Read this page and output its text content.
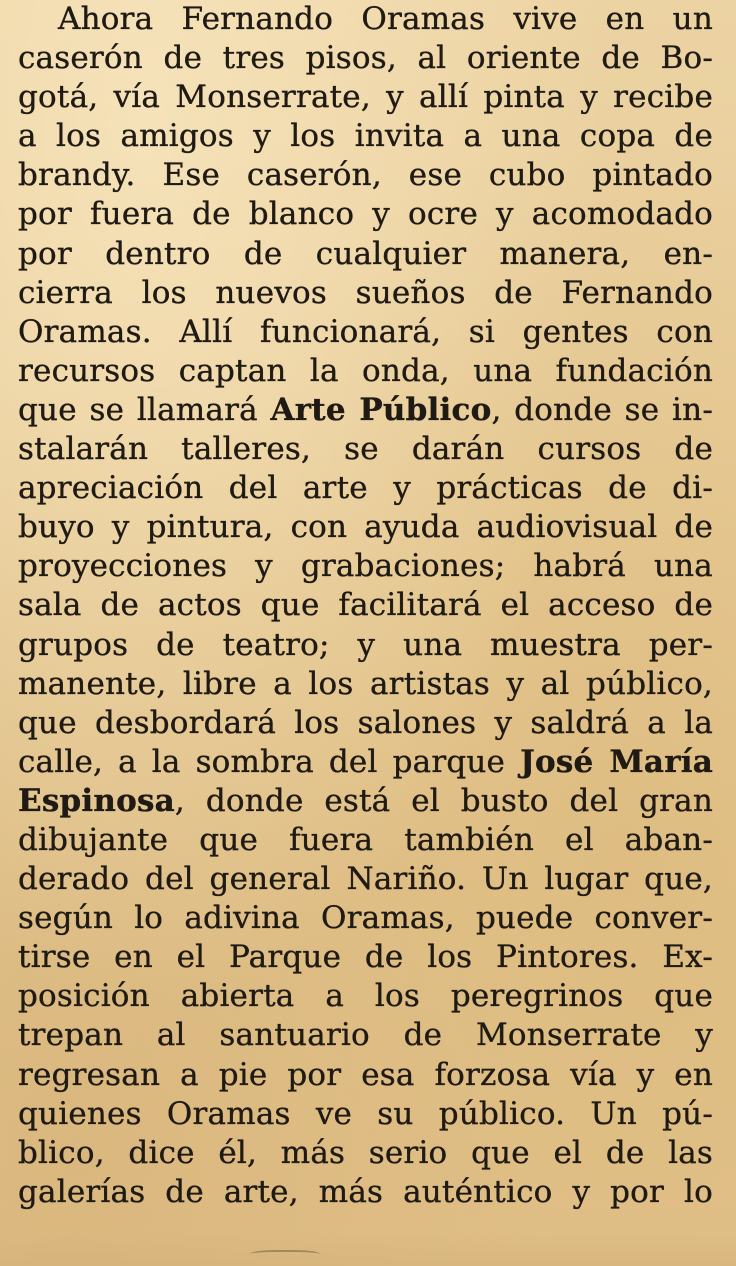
Ahora Fernando Oramas vive en un
caserón de tres pisos, al oriente de Bo-
gotá, vía Monserrate, y allí pinta y recibe
a los amigos y los invita a una copa de
brandy. Ese caserón, ese cubo pintado
por fuera de blanco y ocre y acomodado
por dentro de cualquier manera, en-
cierra los nuevos sueños de Fernando
Oramas. Allí funcionará, si gentes con
recursos captan la onda, una fundación
que se llamará Arte Público, donde se in-
stalarán talleres, se darán cursos de
apreciación del arte y prácticas de di-
buyo y pintura, con ayuda audiovisual de
proyecciones y grabaciones; habrá una
sala de actos que facilitará el acceso de
grupos de teatro; y una muestra per-
manente, libre a los artistas y al público,
que desbordará los salones y saldrá a la
calle, a la sombra del parque José María
Espinosa, donde está el busto del gran
dibujante que fuera también el aban-
derado del general Nariño. Un lugar que,
según lo adivina Oramas, puede conver-
tirse en el Parque de los Pintores. Ex-
posición abierta a los peregrinos que
trepan al santuario de Monserrate y
regresan a pie por esa forzosa vía y en
quienes Oramas ve su público. Un pú-
blico, dice él, más serio que el de las
galerías de arte, más auténtico y por lo
